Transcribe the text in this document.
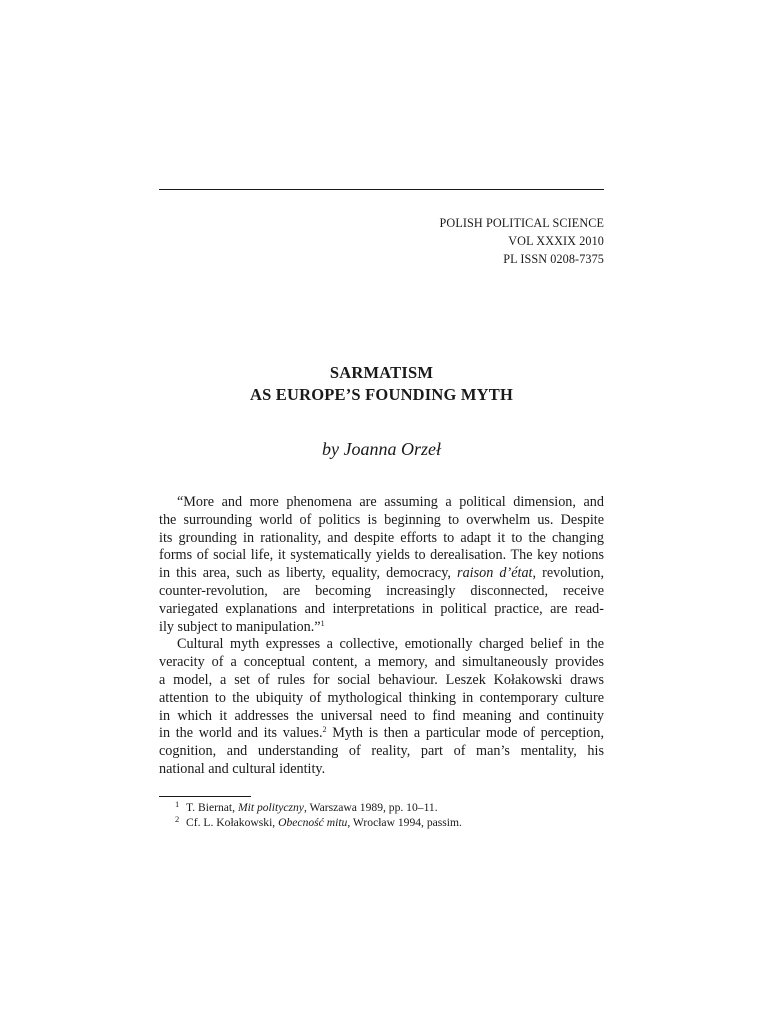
POLISH POLITICAL SCIENCE
VOL XXXIX 2010
PL ISSN 0208-7375
SARMATISM
AS EUROPE’S FOUNDING MYTH
by Joanna Orzeł
“More and more phenomena are assuming a political dimension, and
the surrounding world of politics is beginning to overwhelm us. Despite
its grounding in rationality, and despite efforts to adapt it to the changing
forms of social life, it systematically yields to derealisation. The key notions
in this area, such as liberty, equality, democracy, raison d’état, revolution,
counter-revolution, are becoming increasingly disconnected, receive
variegated explanations and interpretations in political practice, are read-
ily subject to manipulation.”$^1$
Cultural myth expresses a collective, emotionally charged belief in the
veracity of a conceptual content, a memory, and simultaneously provides
a model, a set of rules for social behaviour. Leszek Kołakowski draws
attention to the ubiquity of mythological thinking in contemporary culture
in which it addresses the universal need to find meaning and continuity
in the world and its values.$^2$ Myth is then a particular mode of perception,
cognition, and understanding of reality, part of man’s mentality, his
national and cultural identity.
1 T. Biernat, Mit polityczny, Warszawa 1989, pp. 10–11.
2 Cf. L. Kołakowski, Obecność mitu, Wrocław 1994, passim.
